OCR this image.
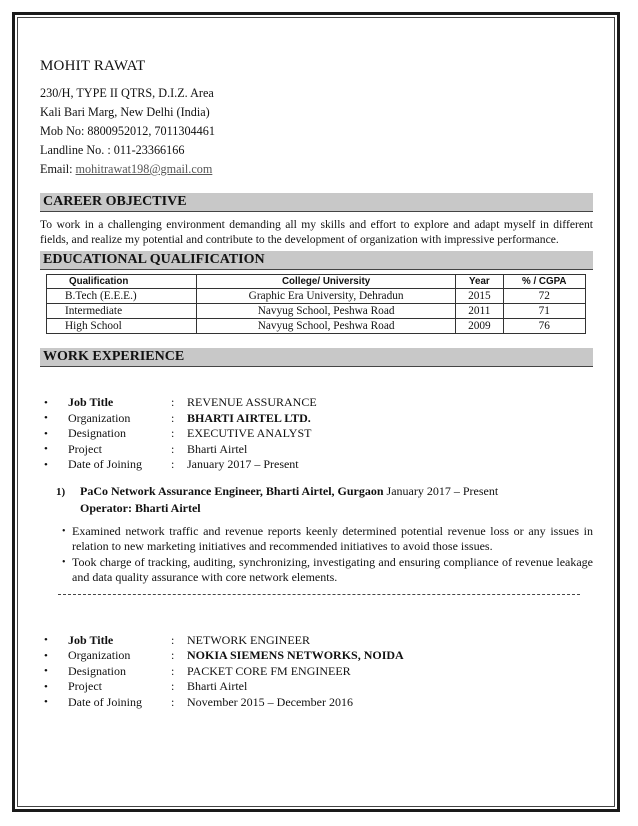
MOHIT RAWAT
230/H, TYPE II QTRS, D.I.Z. Area
Kali Bari Marg, New Delhi (India)
Mob No: 8800952012, 7011304461
Landline No. : 011-23366166
Email: mohitrawat198@gmail.com
CAREER OBJECTIVE
To work in a challenging environment demanding all my skills and effort to explore and adapt myself in different fields, and realize my potential and contribute to the development of organization with impressive performance.
EDUCATIONAL QUALIFICATION
Qualification	College/ University	Year	% / CGPA
B.Tech (E.E.E.)	Graphic Era University, Dehradun	2015	72
Intermediate	Navyug School, Peshwa Road	2011	71
High School	Navyug School, Peshwa Road	2009	76
WORK EXPERIENCE
•	Job Title	:	REVENUE ASSURANCE
•	Organization	:	BHARTI AIRTEL LTD.
•	Designation	:	EXECUTIVE ANALYST
•	Project	:	Bharti Airtel
•	Date of Joining	:	January 2017 – Present
1) PaCo Network Assurance Engineer, Bharti Airtel, Gurgaon January 2017 – Present
Operator: Bharti Airtel
• Examined network traffic and revenue reports keenly determined potential revenue loss or any issues in relation to new marketing initiatives and recommended initiatives to avoid those issues.
• Took charge of tracking, auditing, synchronizing, investigating and ensuring compliance of revenue leakage and data quality assurance with core network elements.
•	Job Title	:	NETWORK ENGINEER
•	Organization	:	NOKIA SIEMENS NETWORKS, NOIDA
•	Designation	:	PACKET CORE FM ENGINEER
•	Project	:	Bharti Airtel
•	Date of Joining	:	November 2015 – December 2016
